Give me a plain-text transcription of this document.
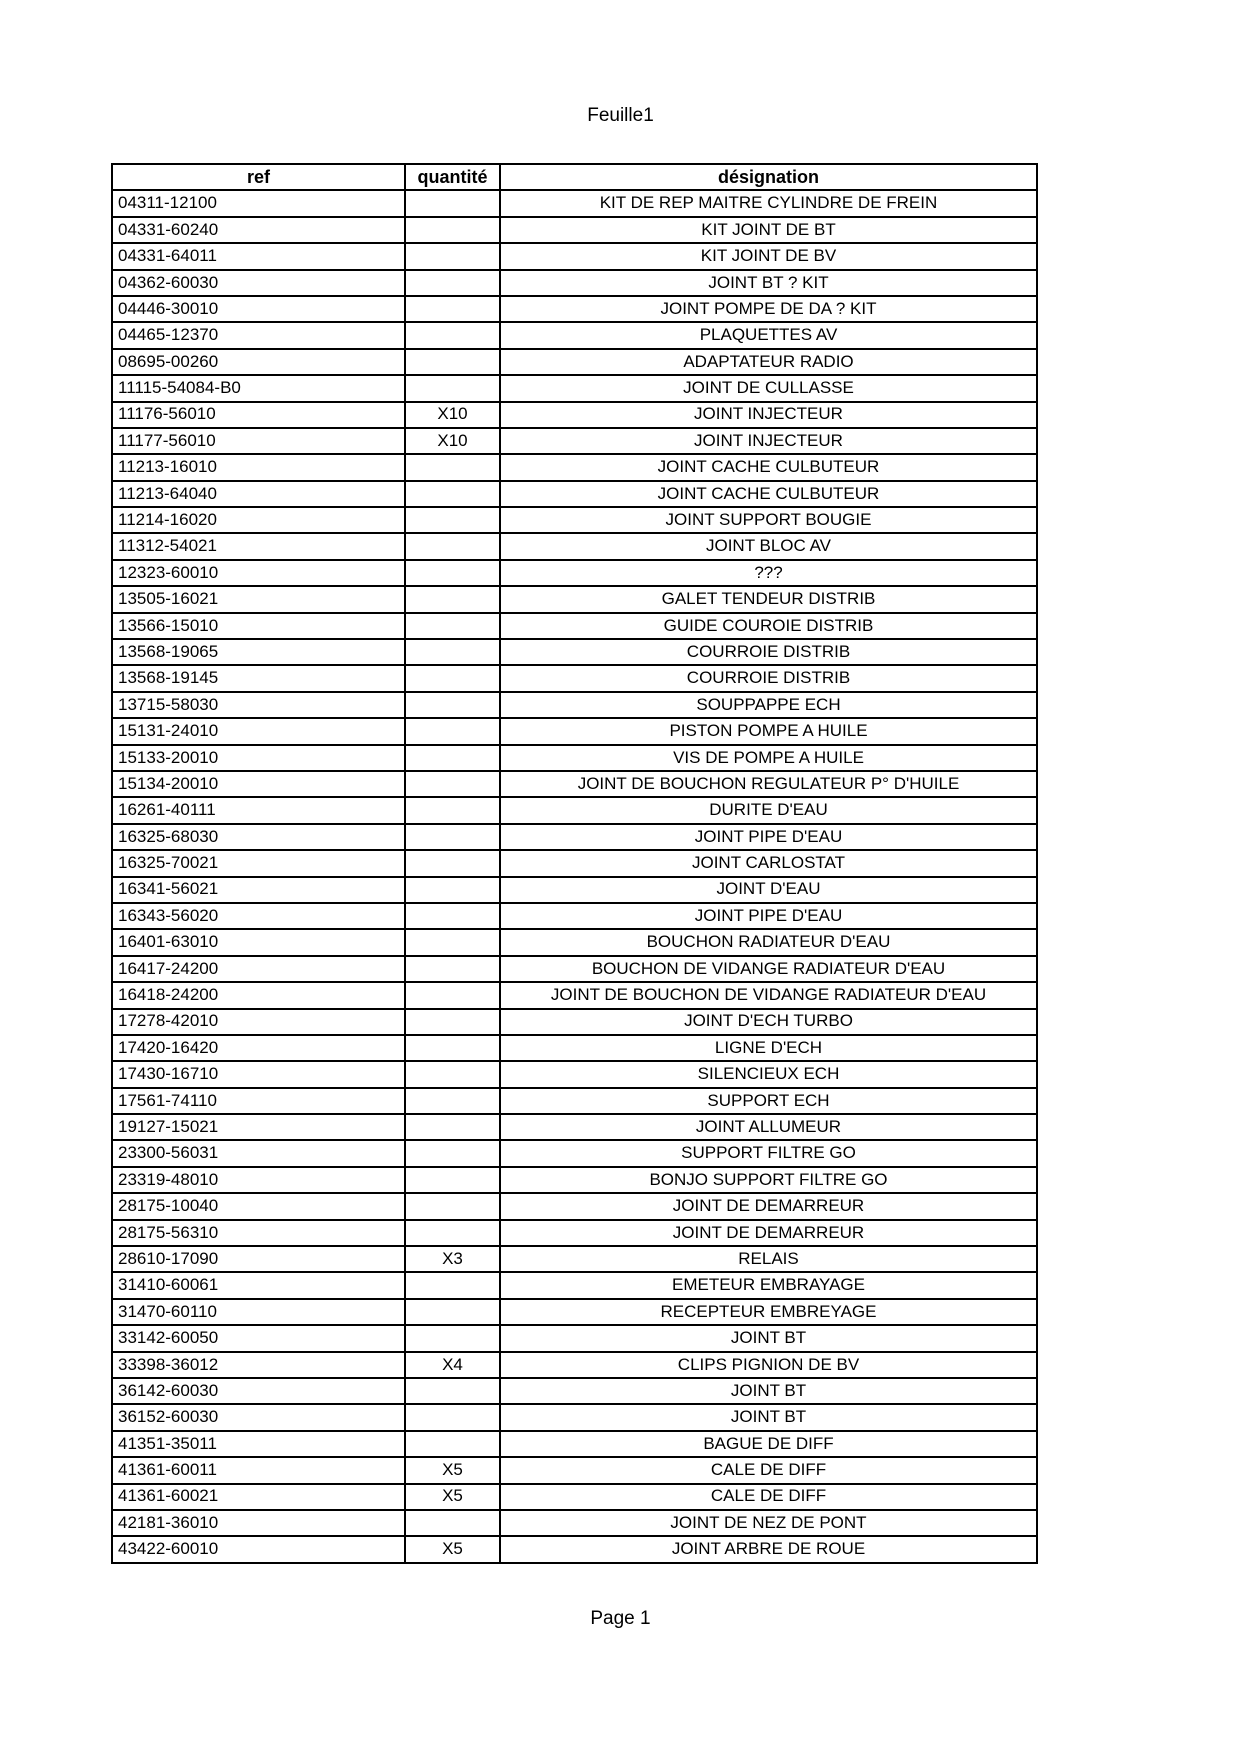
Feuille1
ref	quantité	désignation
04311-12100		KIT DE REP MAITRE CYLINDRE DE FREIN
04331-60240		KIT JOINT DE BT
04331-64011		KIT JOINT DE BV
04362-60030		JOINT BT ? KIT
04446-30010		JOINT POMPE DE DA ? KIT
04465-12370		PLAQUETTES AV
08695-00260		ADAPTATEUR RADIO
11115-54084-B0		JOINT DE CULLASSE
11176-56010	X10	JOINT INJECTEUR
11177-56010	X10	JOINT INJECTEUR
11213-16010		JOINT CACHE CULBUTEUR
11213-64040		JOINT CACHE CULBUTEUR
11214-16020		JOINT SUPPORT BOUGIE
11312-54021		JOINT BLOC AV
12323-60010		???
13505-16021		GALET TENDEUR DISTRIB
13566-15010		GUIDE COUROIE DISTRIB
13568-19065		COURROIE DISTRIB
13568-19145		COURROIE DISTRIB
13715-58030		SOUPPAPPE ECH
15131-24010		PISTON POMPE A HUILE
15133-20010		VIS DE POMPE A HUILE
15134-20010		JOINT DE BOUCHON REGULATEUR P° D'HUILE
16261-40111		DURITE D'EAU
16325-68030		JOINT PIPE D'EAU
16325-70021		JOINT CARLOSTAT
16341-56021		JOINT D'EAU
16343-56020		JOINT PIPE D'EAU
16401-63010		BOUCHON RADIATEUR D'EAU
16417-24200		BOUCHON DE VIDANGE RADIATEUR D'EAU
16418-24200		JOINT DE BOUCHON DE VIDANGE RADIATEUR D'EAU
17278-42010		JOINT D'ECH TURBO
17420-16420		LIGNE D'ECH
17430-16710		SILENCIEUX ECH
17561-74110		SUPPORT ECH
19127-15021		JOINT ALLUMEUR
23300-56031		SUPPORT FILTRE GO
23319-48010		BONJO SUPPORT FILTRE GO
28175-10040		JOINT DE DEMARREUR
28175-56310		JOINT DE DEMARREUR
28610-17090	X3	RELAIS
31410-60061		EMETEUR EMBRAYAGE
31470-60110		RECEPTEUR EMBREYAGE
33142-60050		JOINT BT
33398-36012	X4	CLIPS PIGNION DE BV
36142-60030		JOINT BT
36152-60030		JOINT BT
41351-35011		BAGUE DE DIFF
41361-60011	X5	CALE DE DIFF
41361-60021	X5	CALE DE DIFF
42181-36010		JOINT DE NEZ DE PONT
43422-60010	X5	JOINT ARBRE DE ROUE
Page 1
